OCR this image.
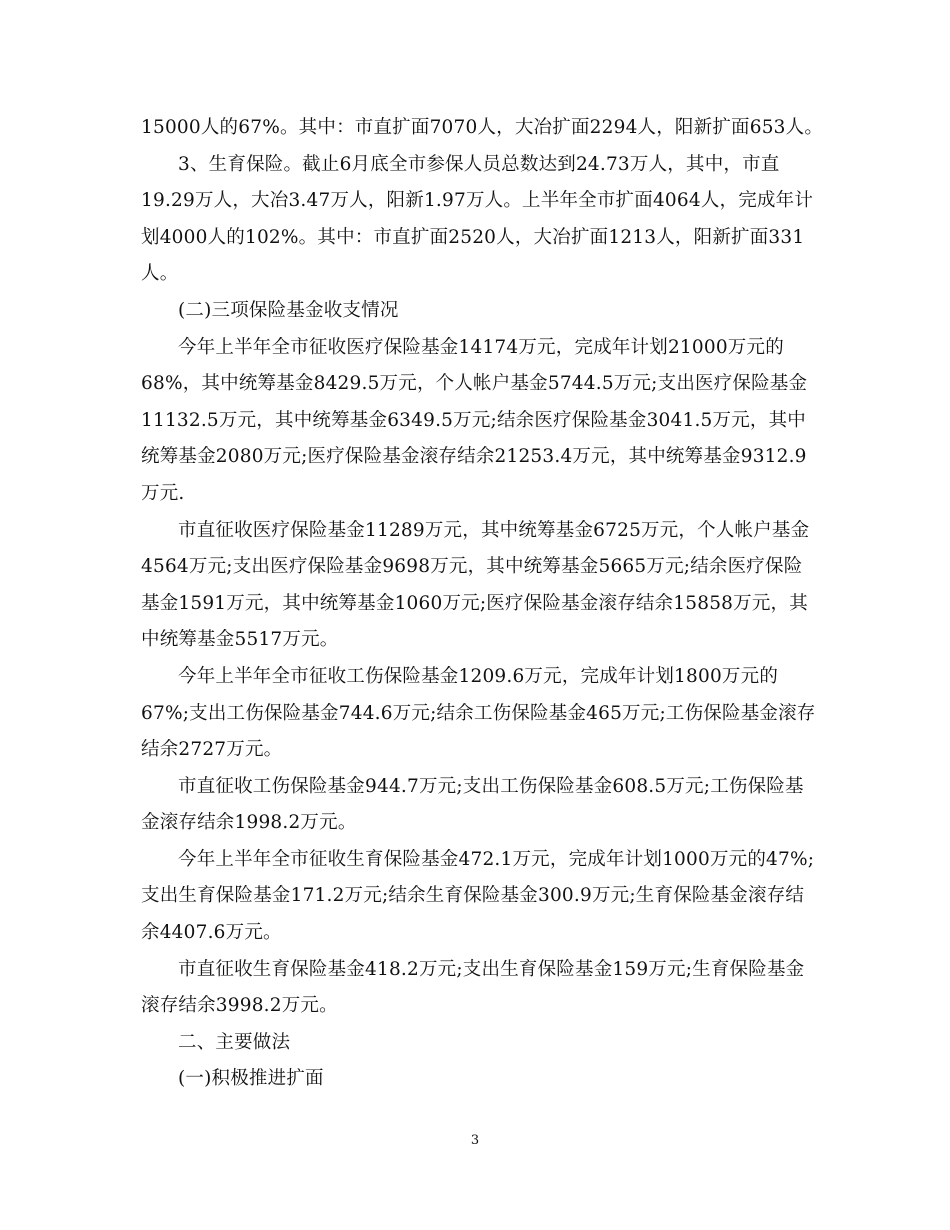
15000人的67%。其中：市直扩面7070人，大冶扩面2294人，阳新扩面653人。
3、生育保险。截止6月底全市参保人员总数达到24.73万人，其中，市直
19.29万人，大冶3.47万人，阳新1.97万人。上半年全市扩面4064人，完成年计
划4000人的102%。其中：市直扩面2520人，大冶扩面1213人，阳新扩面331
人。
(二)三项保险基金收支情况
今年上半年全市征收医疗保险基金14174万元，完成年计划21000万元的
68%，其中统筹基金8429.5万元，个人帐户基金5744.5万元;支出医疗保险基金
11132.5万元，其中统筹基金6349.5万元;结余医疗保险基金3041.5万元，其中
统筹基金2080万元;医疗保险基金滚存结余21253.4万元，其中统筹基金9312.9
万元.
市直征收医疗保险基金11289万元，其中统筹基金6725万元，个人帐户基金
4564万元;支出医疗保险基金9698万元，其中统筹基金5665万元;结余医疗保险
基金1591万元，其中统筹基金1060万元;医疗保险基金滚存结余15858万元，其
中统筹基金5517万元。
今年上半年全市征收工伤保险基金1209.6万元，完成年计划1800万元的
67%;支出工伤保险基金744.6万元;结余工伤保险基金465万元;工伤保险基金滚存
结余2727万元。
市直征收工伤保险基金944.7万元;支出工伤保险基金608.5万元;工伤保险基
金滚存结余1998.2万元。
今年上半年全市征收生育保险基金472.1万元，完成年计划1000万元的47%;
支出生育保险基金171.2万元;结余生育保险基金300.9万元;生育保险基金滚存结
余4407.6万元。
市直征收生育保险基金418.2万元;支出生育保险基金159万元;生育保险基金
滚存结余3998.2万元。
二、主要做法
(一)积极推进扩面
3
